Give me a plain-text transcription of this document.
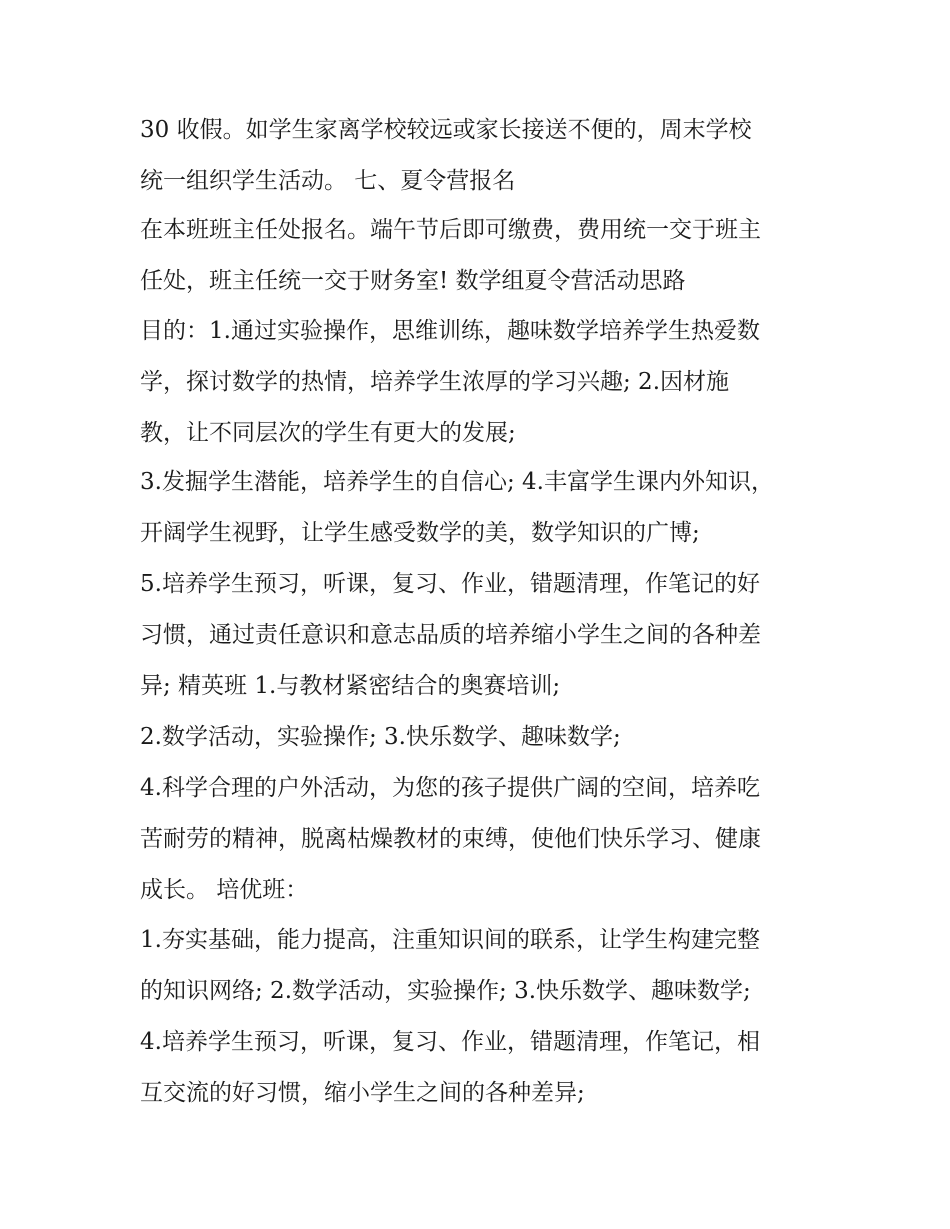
30 收假。如学生家离学校较远或家长接送不便的，周末学校
统一组织学生活动。 七、夏令营报名
在本班班主任处报名。端午节后即可缴费，费用统一交于班主
任处，班主任统一交于财务室! 数学组夏令营活动思路
目的：1.通过实验操作，思维训练，趣味数学培养学生热爱数
学，探讨数学的热情，培养学生浓厚的学习兴趣; 2.因材施
教，让不同层次的学生有更大的发展;
3.发掘学生潜能，培养学生的自信心; 4.丰富学生课内外知识，
开阔学生视野，让学生感受数学的美，数学知识的广博;
5.培养学生预习，听课，复习、作业，错题清理，作笔记的好
习惯，通过责任意识和意志品质的培养缩小学生之间的各种差
异; 精英班 1.与教材紧密结合的奥赛培训;
2.数学活动，实验操作; 3.快乐数学、趣味数学;
4.科学合理的户外活动，为您的孩子提供广阔的空间，培养吃
苦耐劳的精神，脱离枯燥教材的束缚，使他们快乐学习、健康
成长。 培优班：
1.夯实基础，能力提高，注重知识间的联系，让学生构建完整
的知识网络; 2.数学活动，实验操作; 3.快乐数学、趣味数学;
4.培养学生预习，听课，复习、作业，错题清理，作笔记，相
互交流的好习惯，缩小学生之间的各种差异;
